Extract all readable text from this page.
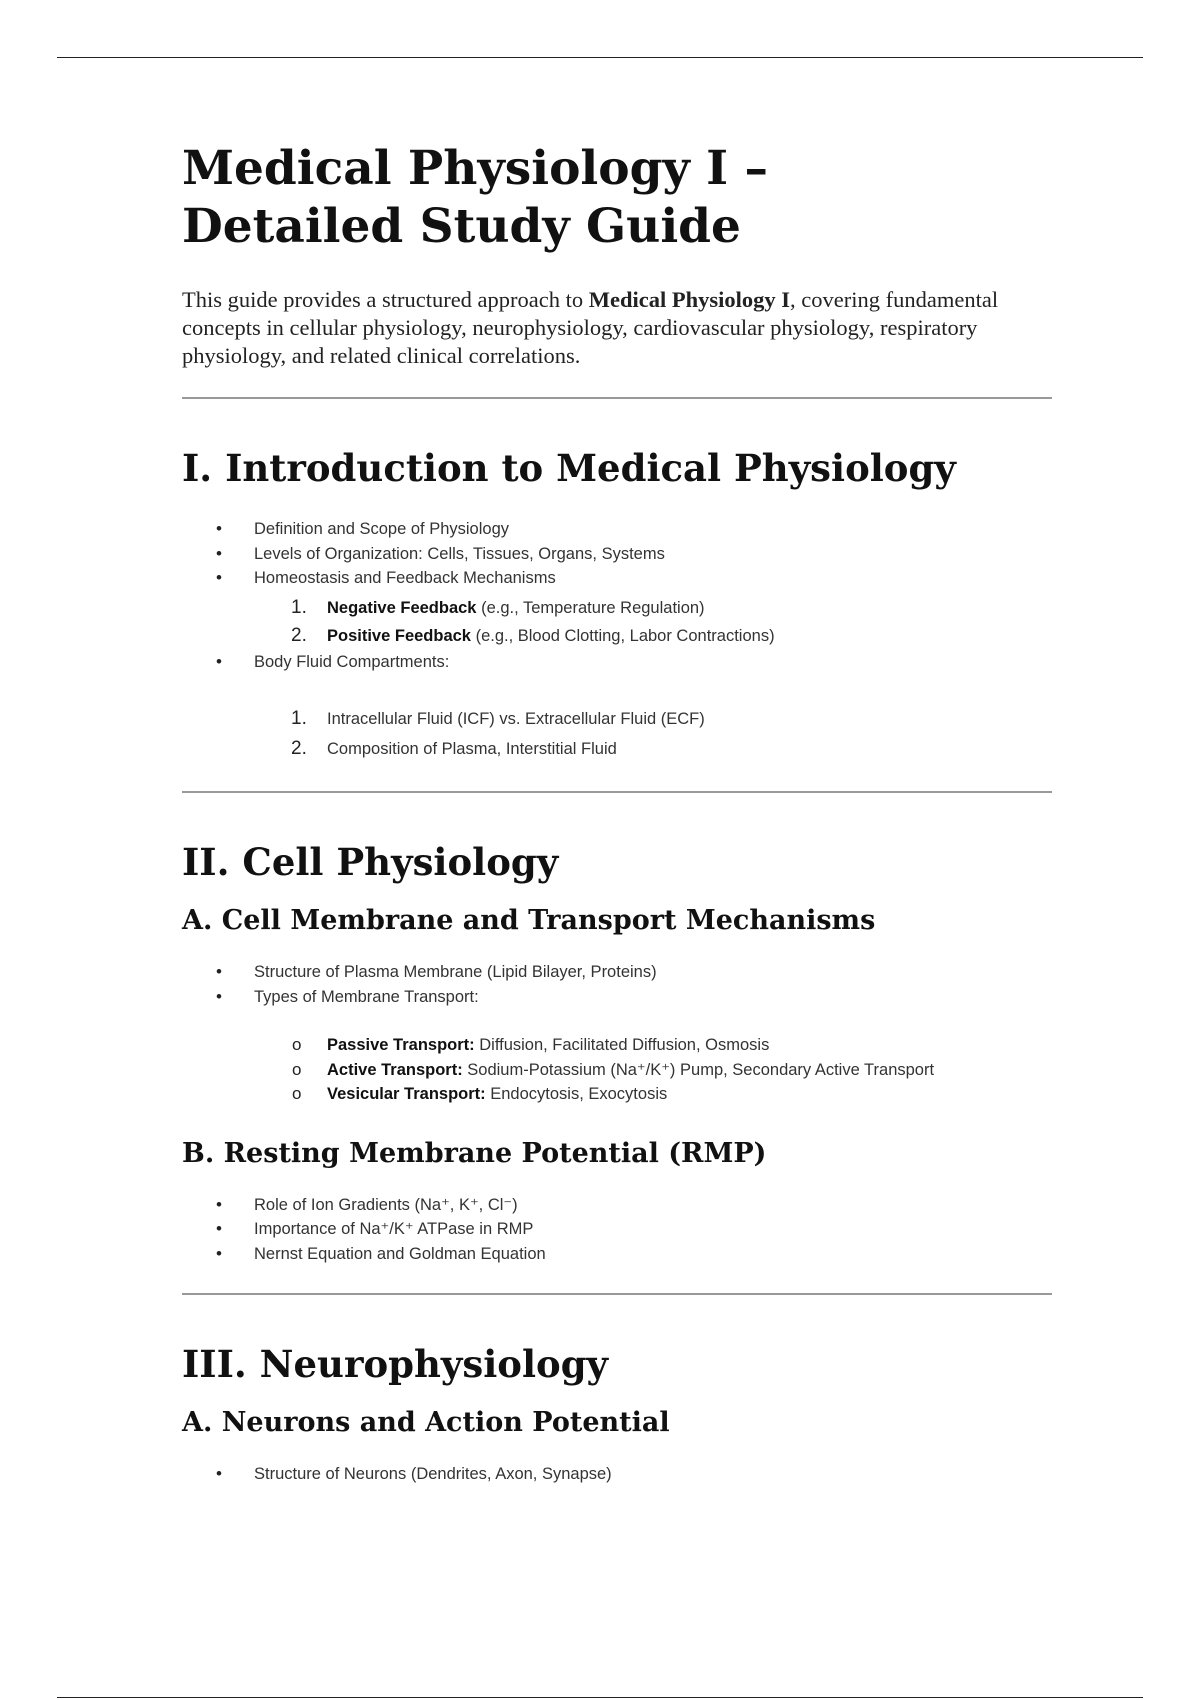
Medical Physiology I –
Detailed Study Guide

This guide provides a structured approach to Medical Physiology I, covering fundamental concepts in cellular physiology, neurophysiology, cardiovascular physiology, respiratory physiology, and related clinical correlations.

I. Introduction to Medical Physiology
• Definition and Scope of Physiology
• Levels of Organization: Cells, Tissues, Organs, Systems
• Homeostasis and Feedback Mechanisms
1. Negative Feedback (e.g., Temperature Regulation)
2. Positive Feedback (e.g., Blood Clotting, Labor Contractions)
• Body Fluid Compartments:
1. Intracellular Fluid (ICF) vs. Extracellular Fluid (ECF)
2. Composition of Plasma, Interstitial Fluid
II. Cell Physiology
A. Cell Membrane and Transport Mechanisms
• Structure of Plasma Membrane (Lipid Bilayer, Proteins)
• Types of Membrane Transport:
o Passive Transport: Diffusion, Facilitated Diffusion, Osmosis
o Active Transport: Sodium-Potassium (Na⁺/K⁺) Pump, Secondary Active Transport
o Vesicular Transport: Endocytosis, Exocytosis
B. Resting Membrane Potential (RMP)
• Role of Ion Gradients (Na⁺, K⁺, Cl⁻)
• Importance of Na⁺/K⁺ ATPase in RMP
• Nernst Equation and Goldman Equation
III. Neurophysiology
A. Neurons and Action Potential
• Structure of Neurons (Dendrites, Axon, Synapse)
